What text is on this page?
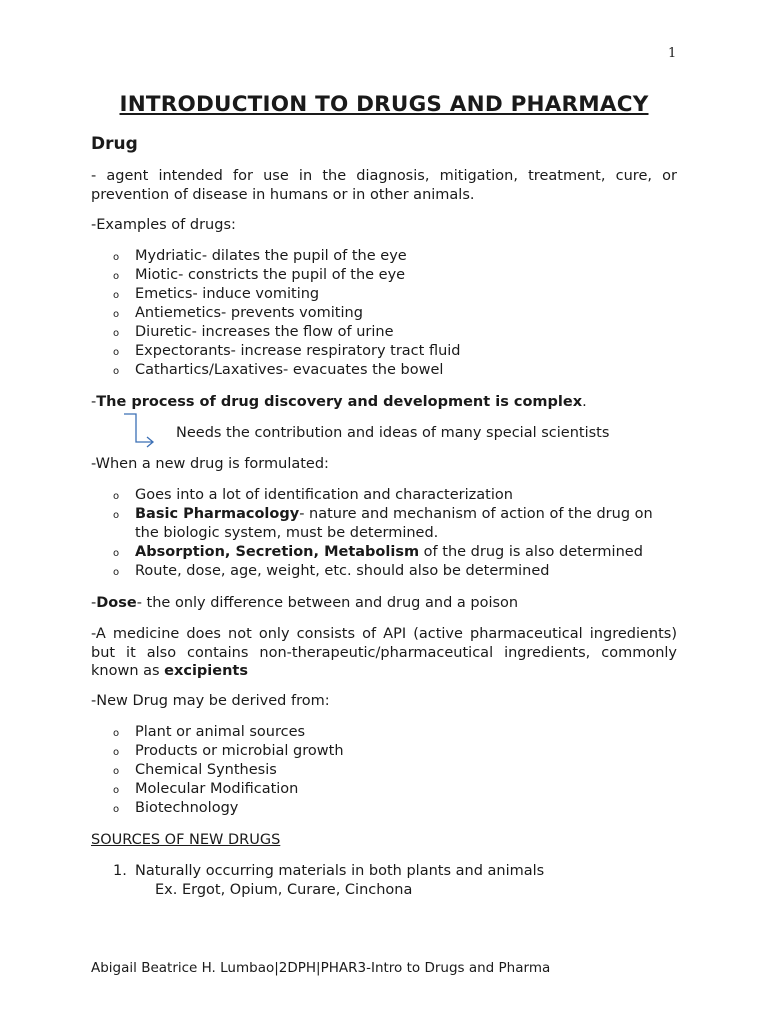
1
INTRODUCTION TO DRUGS AND PHARMACY
Drug
- agent intended for use in the diagnosis, mitigation, treatment, cure, or prevention of disease in humans or in other animals.
-Examples of drugs:
o Mydriatic- dilates the pupil of the eye
o Miotic- constricts the pupil of the eye
o Emetics- induce vomiting
o Antiemetics- prevents vomiting
o Diuretic- increases the flow of urine
o Expectorants- increase respiratory tract fluid
o Cathartics/Laxatives- evacuates the bowel
-The process of drug discovery and development is complex.
Needs the contribution and ideas of many special scientists
-When a new drug is formulated:
o Goes into a lot of identification and characterization
o Basic Pharmacology- nature and mechanism of action of the drug on
the biologic system, must be determined.
o Absorption, Secretion, Metabolism of the drug is also determined
o Route, dose, age, weight, etc. should also be determined
-Dose- the only difference between and drug and a poison
-A medicine does not only consists of API (active pharmaceutical ingredients) but it also contains non-therapeutic/pharmaceutical ingredients, commonly known as excipients
-New Drug may be derived from:
o Plant or animal sources
o Products or microbial growth
o Chemical Synthesis
o Molecular Modification
o Biotechnology
SOURCES OF NEW DRUGS
1. Naturally occurring materials in both plants and animals
Ex. Ergot, Opium, Curare, Cinchona
Abigail Beatrice H. Lumbao|2DPH|PHAR3-Intro to Drugs and Pharma
